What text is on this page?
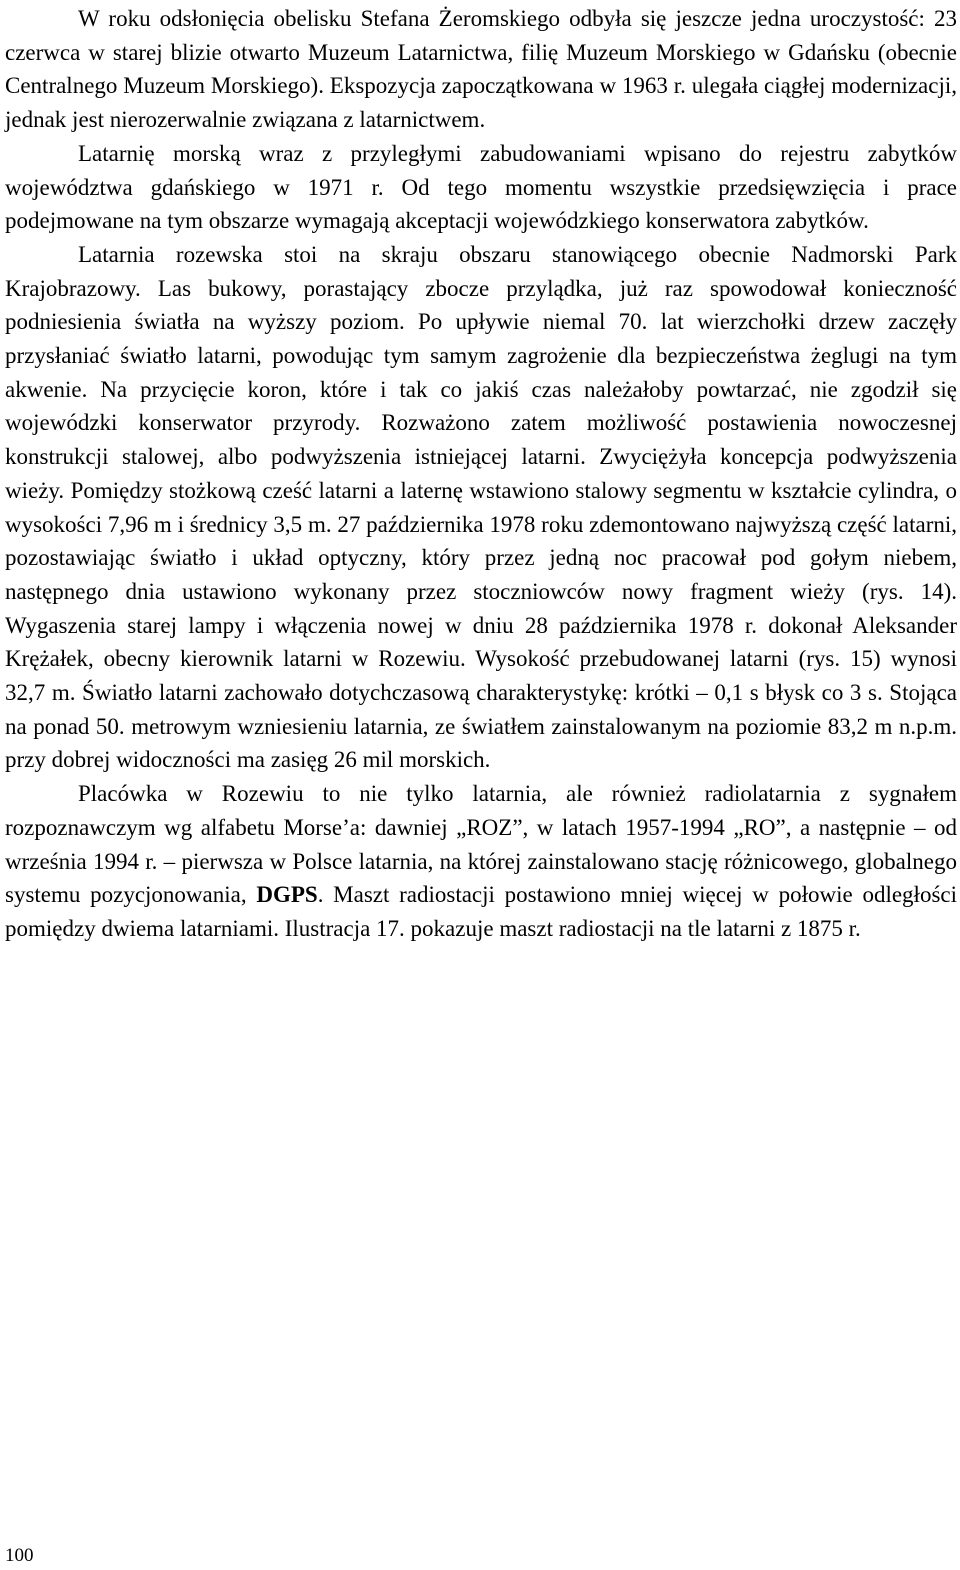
W roku odsłonięcia obelisku Stefana Żeromskiego odbyła się jeszcze jedna uroczystość: 23 czerwca w starej blizie otwarto Muzeum Latarnictwa, filię Muzeum Morskiego w Gdańsku (obecnie Centralnego Muzeum Morskiego). Ekspozycja zapoczątkowana w 1963 r. ulegała ciągłej modernizacji, jednak jest nierozerwalnie związana z latarnictwem.

Latarnię morską wraz z przyległymi zabudowaniami wpisano do rejestru zabytków województwa gdańskiego w 1971 r. Od tego momentu wszystkie przedsięwzięcia i prace podejmowane na tym obszarze wymagają akceptacji wojewódzkiego konserwatora zabytków.

Latarnia rozewska stoi na skraju obszaru stanowiącego obecnie Nadmorski Park Krajobrazowy. Las bukowy, porastający zbocze przylądka, już raz spowodował konieczność podniesienia światła na wyższy poziom. Po upływie niemal 70. lat wierzchołki drzew zaczęły przysłaniać światło latarni, powodując tym samym zagrożenie dla bezpieczeństwa żeglugi na tym akwenie. Na przycięcie koron, które i tak co jakiś czas należałoby powtarzać, nie zgodził się wojewódzki konserwator przyrody. Rozważono zatem możliwość postawienia nowoczesnej konstrukcji stalowej, albo podwyższenia istniejącej latarni. Zwyciężyła koncepcja podwyższenia wieży. Pomiędzy stożkową cześć latarni a laternę wstawiono stalowy segmentu w kształcie cylindra, o wysokości 7,96 m i średnicy 3,5 m. 27 października 1978 roku zdemontowano najwyższą część latarni, pozostawiając światło i układ optyczny, który przez jedną noc pracował pod gołym niebem, następnego dnia ustawiono wykonany przez stoczniowców nowy fragment wieży (rys. 14). Wygaszenia starej lampy i włączenia nowej w dniu 28 października 1978 r. dokonał Aleksander Krężałek, obecny kierownik latarni w Rozewiu. Wysokość przebudowanej latarni (rys. 15) wynosi 32,7 m. Światło latarni zachowało dotychczasową charakterystykę: krótki – 0,1 s błysk co 3 s. Stojąca na ponad 50. metrowym wzniesieniu latarnia, ze światłem zainstalowanym na poziomie 83,2 m n.p.m. przy dobrej widoczności ma zasięg 26 mil morskich.

Placówka w Rozewiu to nie tylko latarnia, ale również radiolatarnia z sygnałem rozpoznawczym wg alfabetu Morse’a: dawniej „ROZ”, w latach 1957-1994 „RO”, a następnie – od września 1994 r. – pierwsza w Polsce latarnia, na której zainstalowano stację różnicowego, globalnego systemu pozycjonowania, DGPS. Maszt radiostacji postawiono mniej więcej w połowie odległości pomiędzy dwiema latarniami. Ilustracja 17. pokazuje maszt radiostacji na tle latarni z 1875 r.

100
